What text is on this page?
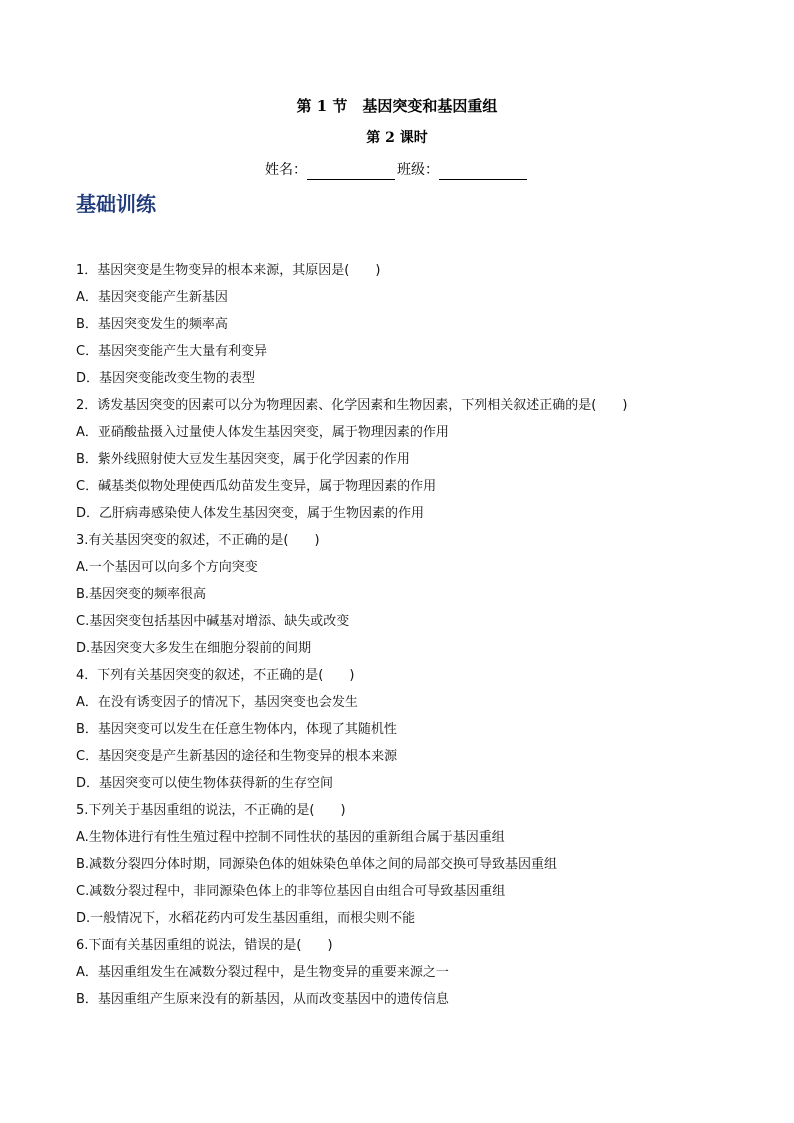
第 1 节　基因突变和基因重组
第 2 课时
姓名：	班级：
基础训练
1．基因突变是生物变异的根本来源，其原因是(　　)
A．基因突变能产生新基因
B．基因突变发生的频率高
C．基因突变能产生大量有利变异
D．基因突变能改变生物的表型
2．诱发基因突变的因素可以分为物理因素、化学因素和生物因素，下列相关叙述正确的是(　　)
A．亚硝酸盐摄入过量使人体发生基因突变，属于物理因素的作用
B．紫外线照射使大豆发生基因突变，属于化学因素的作用
C．碱基类似物处理使西瓜幼苗发生变异，属于物理因素的作用
D．乙肝病毒感染使人体发生基因突变，属于生物因素的作用
3.有关基因突变的叙述，不正确的是(　　)
A.一个基因可以向多个方向突变
B.基因突变的频率很高
C.基因突变包括基因中碱基对增添、缺失或改变
D.基因突变大多发生在细胞分裂前的间期
4．下列有关基因突变的叙述，不正确的是(　　)
A．在没有诱变因子的情况下，基因突变也会发生
B．基因突变可以发生在任意生物体内，体现了其随机性
C．基因突变是产生新基因的途径和生物变异的根本来源
D．基因突变可以使生物体获得新的生存空间
5.下列关于基因重组的说法，不正确的是(　　)
A.生物体进行有性生殖过程中控制不同性状的基因的重新组合属于基因重组
B.减数分裂四分体时期，同源染色体的姐妹染色单体之间的局部交换可导致基因重组
C.减数分裂过程中，非同源染色体上的非等位基因自由组合可导致基因重组
D.一般情况下，水稻花药内可发生基因重组，而根尖则不能
6.下面有关基因重组的说法，错误的是(　　)
A．基因重组发生在减数分裂过程中，是生物变异的重要来源之一
B．基因重组产生原来没有的新基因，从而改变基因中的遗传信息
